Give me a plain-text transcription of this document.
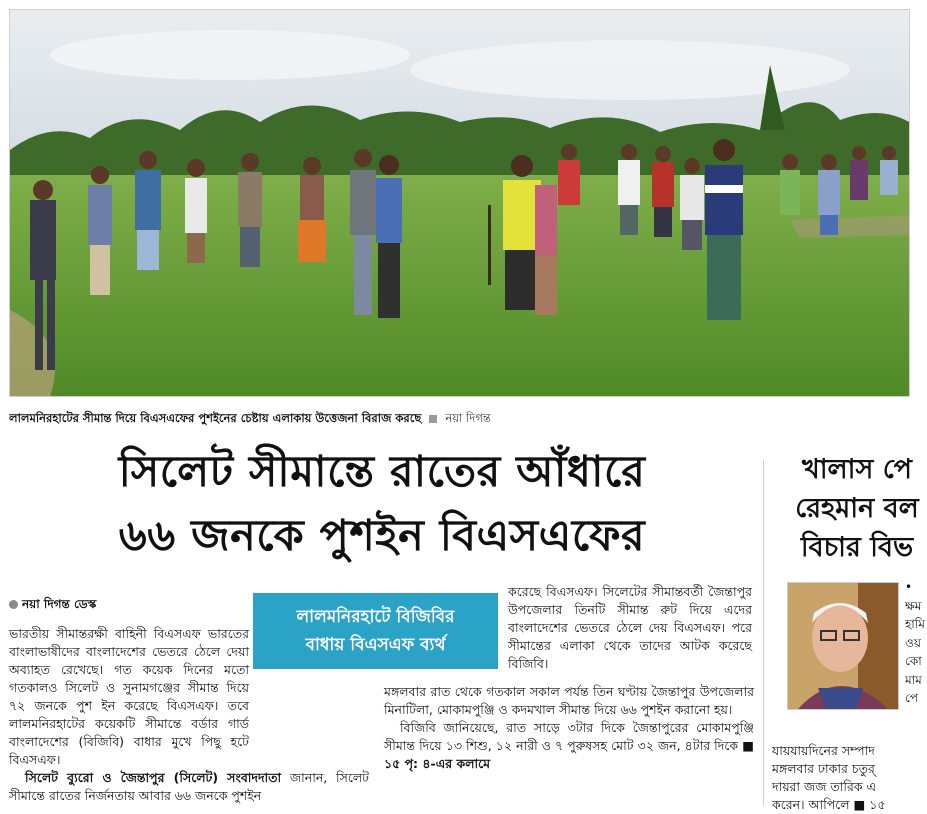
লালমনিরহাটের সীমান্ত দিয়ে বিএসএফের পুশইনের চেষ্টায় এলাকায় উত্তেজনা বিরাজ করছে নয়া দিগন্ত
সিলেট সীমান্তে রাতের আঁধারে
৬৬ জনকে পুশইন বিএসএফের
খালাস পে
রেহমান বল
বিচার বিভ

নয়া দিগন্ত ডেস্ক

ভারতীয় সীমান্তরক্ষী বাহিনী বিএসএফ ভারতের বাংলাভাষীদের বাংলাদেশের ভেতরে ঠেলে দেয়া অব্যাহত রেখেছে। গত কয়েক দিনের মতো গতকালও সিলেট ও সুনামগঞ্জের সীমান্ত দিয়ে ৭২ জনকে পুশ ইন করেছে বিএসএফ। তবে লালমনিরহাটের কয়েকটি সীমান্তে বর্ডার গার্ড বাংলাদেশের (বিজিবি) বাধার মুখে পিছু হটে বিএসএফ।

সিলেট ব্যুরো ও জৈন্তাপুর (সিলেট) সংবাদদাতা জানান, সিলেট সীমান্তে রাতের নির্জনতায় আবার ৬৬ জনকে পুশইন

লালমনিরহাটে বিজিবির
বাধায় বিএসএফ ব্যর্থ

করেছে বিএসএফ। সিলেটের সীমান্তবর্তী জৈন্তাপুর উপজেলার তিনটি সীমান্ত রুট দিয়ে এদের বাংলাদেশের ভেতরে ঠেলে দেয় বিএসএফ। পরে সীমান্তের এলাকা থেকে তাদের আটক করেছে বিজিবি।

মঙ্গলবার রাত থেকে গতকাল সকাল পর্যন্ত তিন ঘণ্টায় জৈন্তাপুর উপজেলার মিনাটিলা, মোকামপুঞ্জি ও কদমখাল সীমান্ত দিয়ে ৬৬ পুশইন করানো হয়।

বিজিবি জানিয়েছে, রাত সাড়ে ৩টার দিকে জৈন্তাপুরের মোকামপুঞ্জি সীমান্ত দিয়ে ১৩ শিশু, ১২ নারী ও ৭ পুরুষসহ মোট ৩২ জন, ৪টার দিকে ■ ১৫ পৃ: ৪-এর কলামে

•
ক্ষম
হামি
ওয়
কো
মাম
পে
যায়যায়দিনের সম্পাদ
মঙ্গলবার ঢাকার চতুর্
দায়রা জজ তারিক এ
করেন। আপিলে ■ ১৫
